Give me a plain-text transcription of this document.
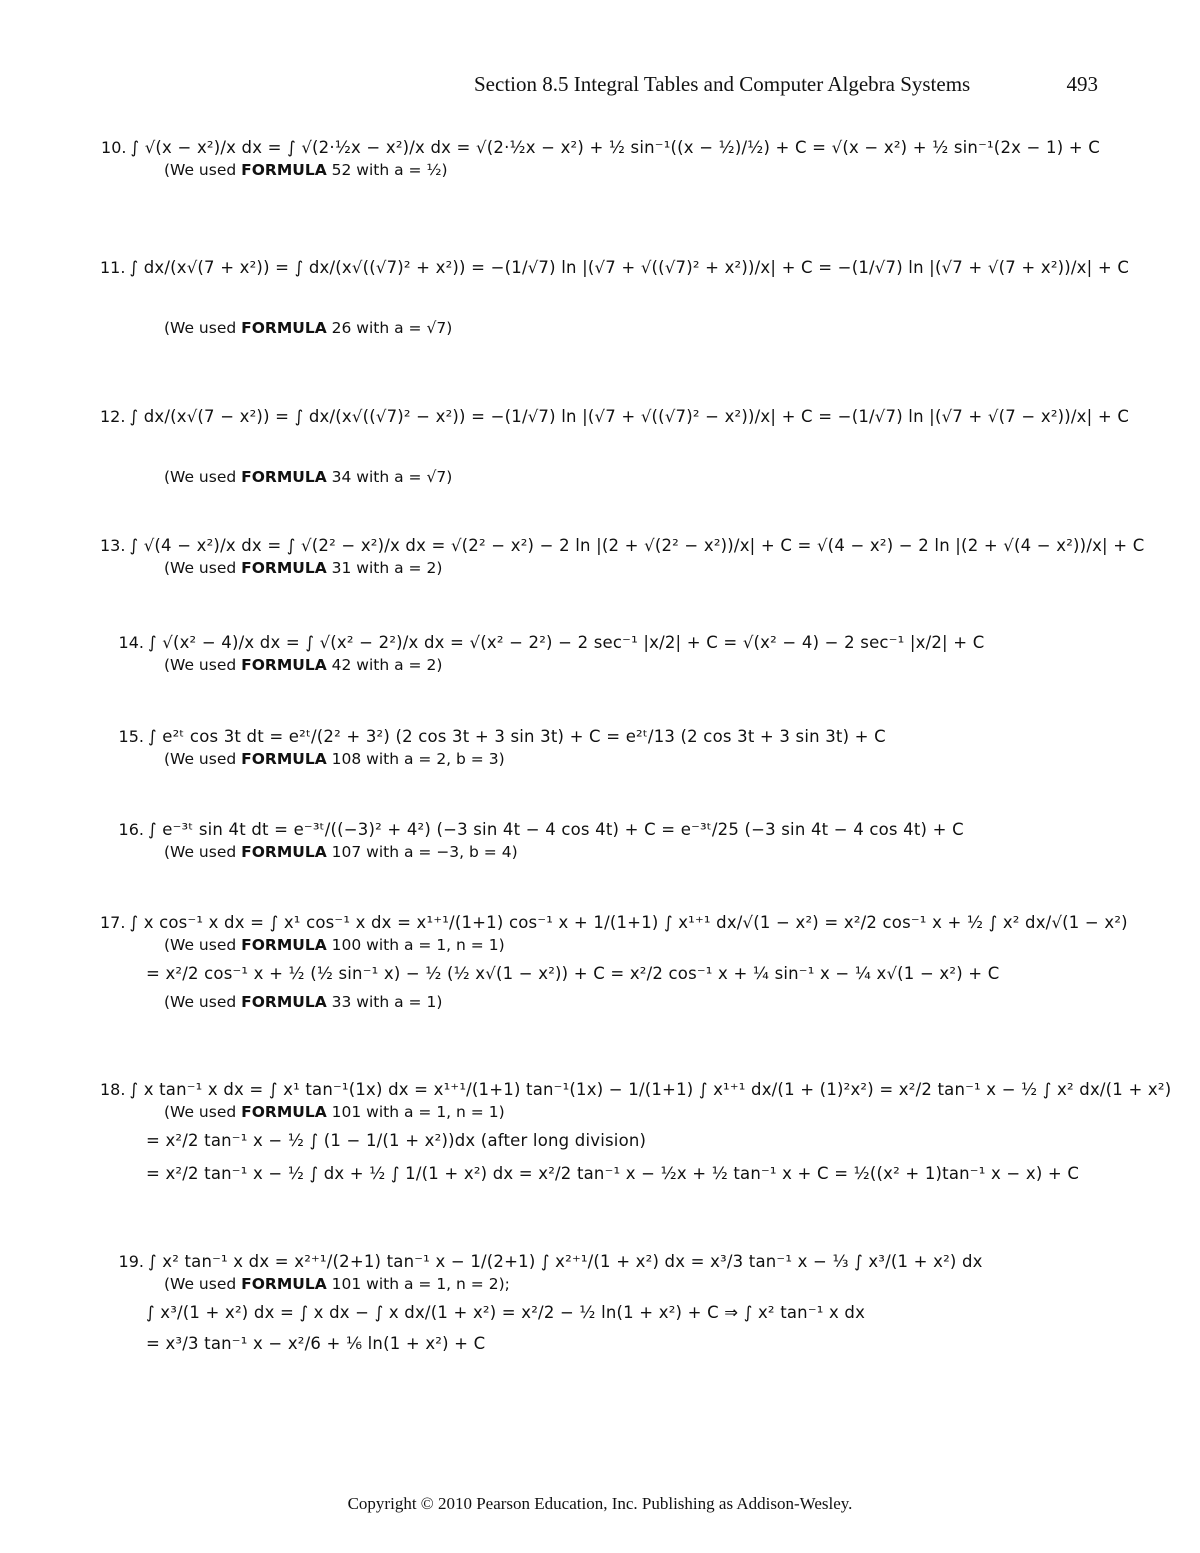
Section 8.5 Integral Tables and Computer Algebra Systems	493
10. ∫ √(x − x²)/x dx = ∫ √(2·½x − x²)/x dx = √(2·½x − x²) + ½ sin⁻¹((x − ½)/½) + C = √(x − x²) + ½ sin⁻¹(2x − 1) + C
(We used FORMULA 52 with a = ½)
11. ∫ dx/(x√(7 + x²)) = ∫ dx/(x√((√7)² + x²)) = −(1/√7) ln |(√7 + √((√7)² + x²))/x| + C = −(1/√7) ln |(√7 + √(7 + x²))/x| + C
(We used FORMULA 26 with a = √7)
12. ∫ dx/(x√(7 − x²)) = ∫ dx/(x√((√7)² − x²)) = −(1/√7) ln |(√7 + √((√7)² − x²))/x| + C = −(1/√7) ln |(√7 + √(7 − x²))/x| + C
(We used FORMULA 34 with a = √7)
13. ∫ √(4 − x²)/x dx = ∫ √(2² − x²)/x dx = √(2² − x²) − 2 ln |(2 + √(2² − x²))/x| + C = √(4 − x²) − 2 ln |(2 + √(4 − x²))/x| + C
(We used FORMULA 31 with a = 2)
14. ∫ √(x² − 4)/x dx = ∫ √(x² − 2²)/x dx = √(x² − 2²) − 2 sec⁻¹ |x/2| + C = √(x² − 4) − 2 sec⁻¹ |x/2| + C
(We used FORMULA 42 with a = 2)
15. ∫ e²ᵗ cos 3t dt = e²ᵗ/(2² + 3²) (2 cos 3t + 3 sin 3t) + C = e²ᵗ/13 (2 cos 3t + 3 sin 3t) + C
(We used FORMULA 108 with a = 2, b = 3)
16. ∫ e⁻³ᵗ sin 4t dt = e⁻³ᵗ/((−3)² + 4²) (−3 sin 4t − 4 cos 4t) + C = e⁻³ᵗ/25 (−3 sin 4t − 4 cos 4t) + C
(We used FORMULA 107 with a = −3, b = 4)
17. ∫ x cos⁻¹ x dx = ∫ x¹ cos⁻¹ x dx = x¹⁺¹/(1+1) cos⁻¹ x + 1/(1+1) ∫ x¹⁺¹ dx/√(1 − x²) = x²/2 cos⁻¹ x + ½ ∫ x² dx/√(1 − x²)
(We used FORMULA 100 with a = 1, n = 1)
= x²/2 cos⁻¹ x + ½ (½ sin⁻¹ x) − ½ (½ x√(1 − x²)) + C = x²/2 cos⁻¹ x + ¼ sin⁻¹ x − ¼ x√(1 − x²) + C
(We used FORMULA 33 with a = 1)
18. ∫ x tan⁻¹ x dx = ∫ x¹ tan⁻¹(1x) dx = x¹⁺¹/(1+1) tan⁻¹(1x) − 1/(1+1) ∫ x¹⁺¹ dx/(1 + (1)²x²) = x²/2 tan⁻¹ x − ½ ∫ x² dx/(1 + x²)
(We used FORMULA 101 with a = 1, n = 1)
= x²/2 tan⁻¹ x − ½ ∫ (1 − 1/(1 + x²))dx (after long division)
= x²/2 tan⁻¹ x − ½ ∫ dx + ½ ∫ 1/(1 + x²) dx = x²/2 tan⁻¹ x − ½x + ½ tan⁻¹ x + C = ½((x² + 1)tan⁻¹ x − x) + C
19. ∫ x² tan⁻¹ x dx = x²⁺¹/(2+1) tan⁻¹ x − 1/(2+1) ∫ x²⁺¹/(1 + x²) dx = x³/3 tan⁻¹ x − ⅓ ∫ x³/(1 + x²) dx
(We used FORMULA 101 with a = 1, n = 2);
∫ x³/(1 + x²) dx = ∫ x dx − ∫ x dx/(1 + x²) = x²/2 − ½ ln(1 + x²) + C ⇒ ∫ x² tan⁻¹ x dx
= x³/3 tan⁻¹ x − x²/6 + ⅙ ln(1 + x²) + C
Copyright © 2010 Pearson Education, Inc. Publishing as Addison-Wesley.
